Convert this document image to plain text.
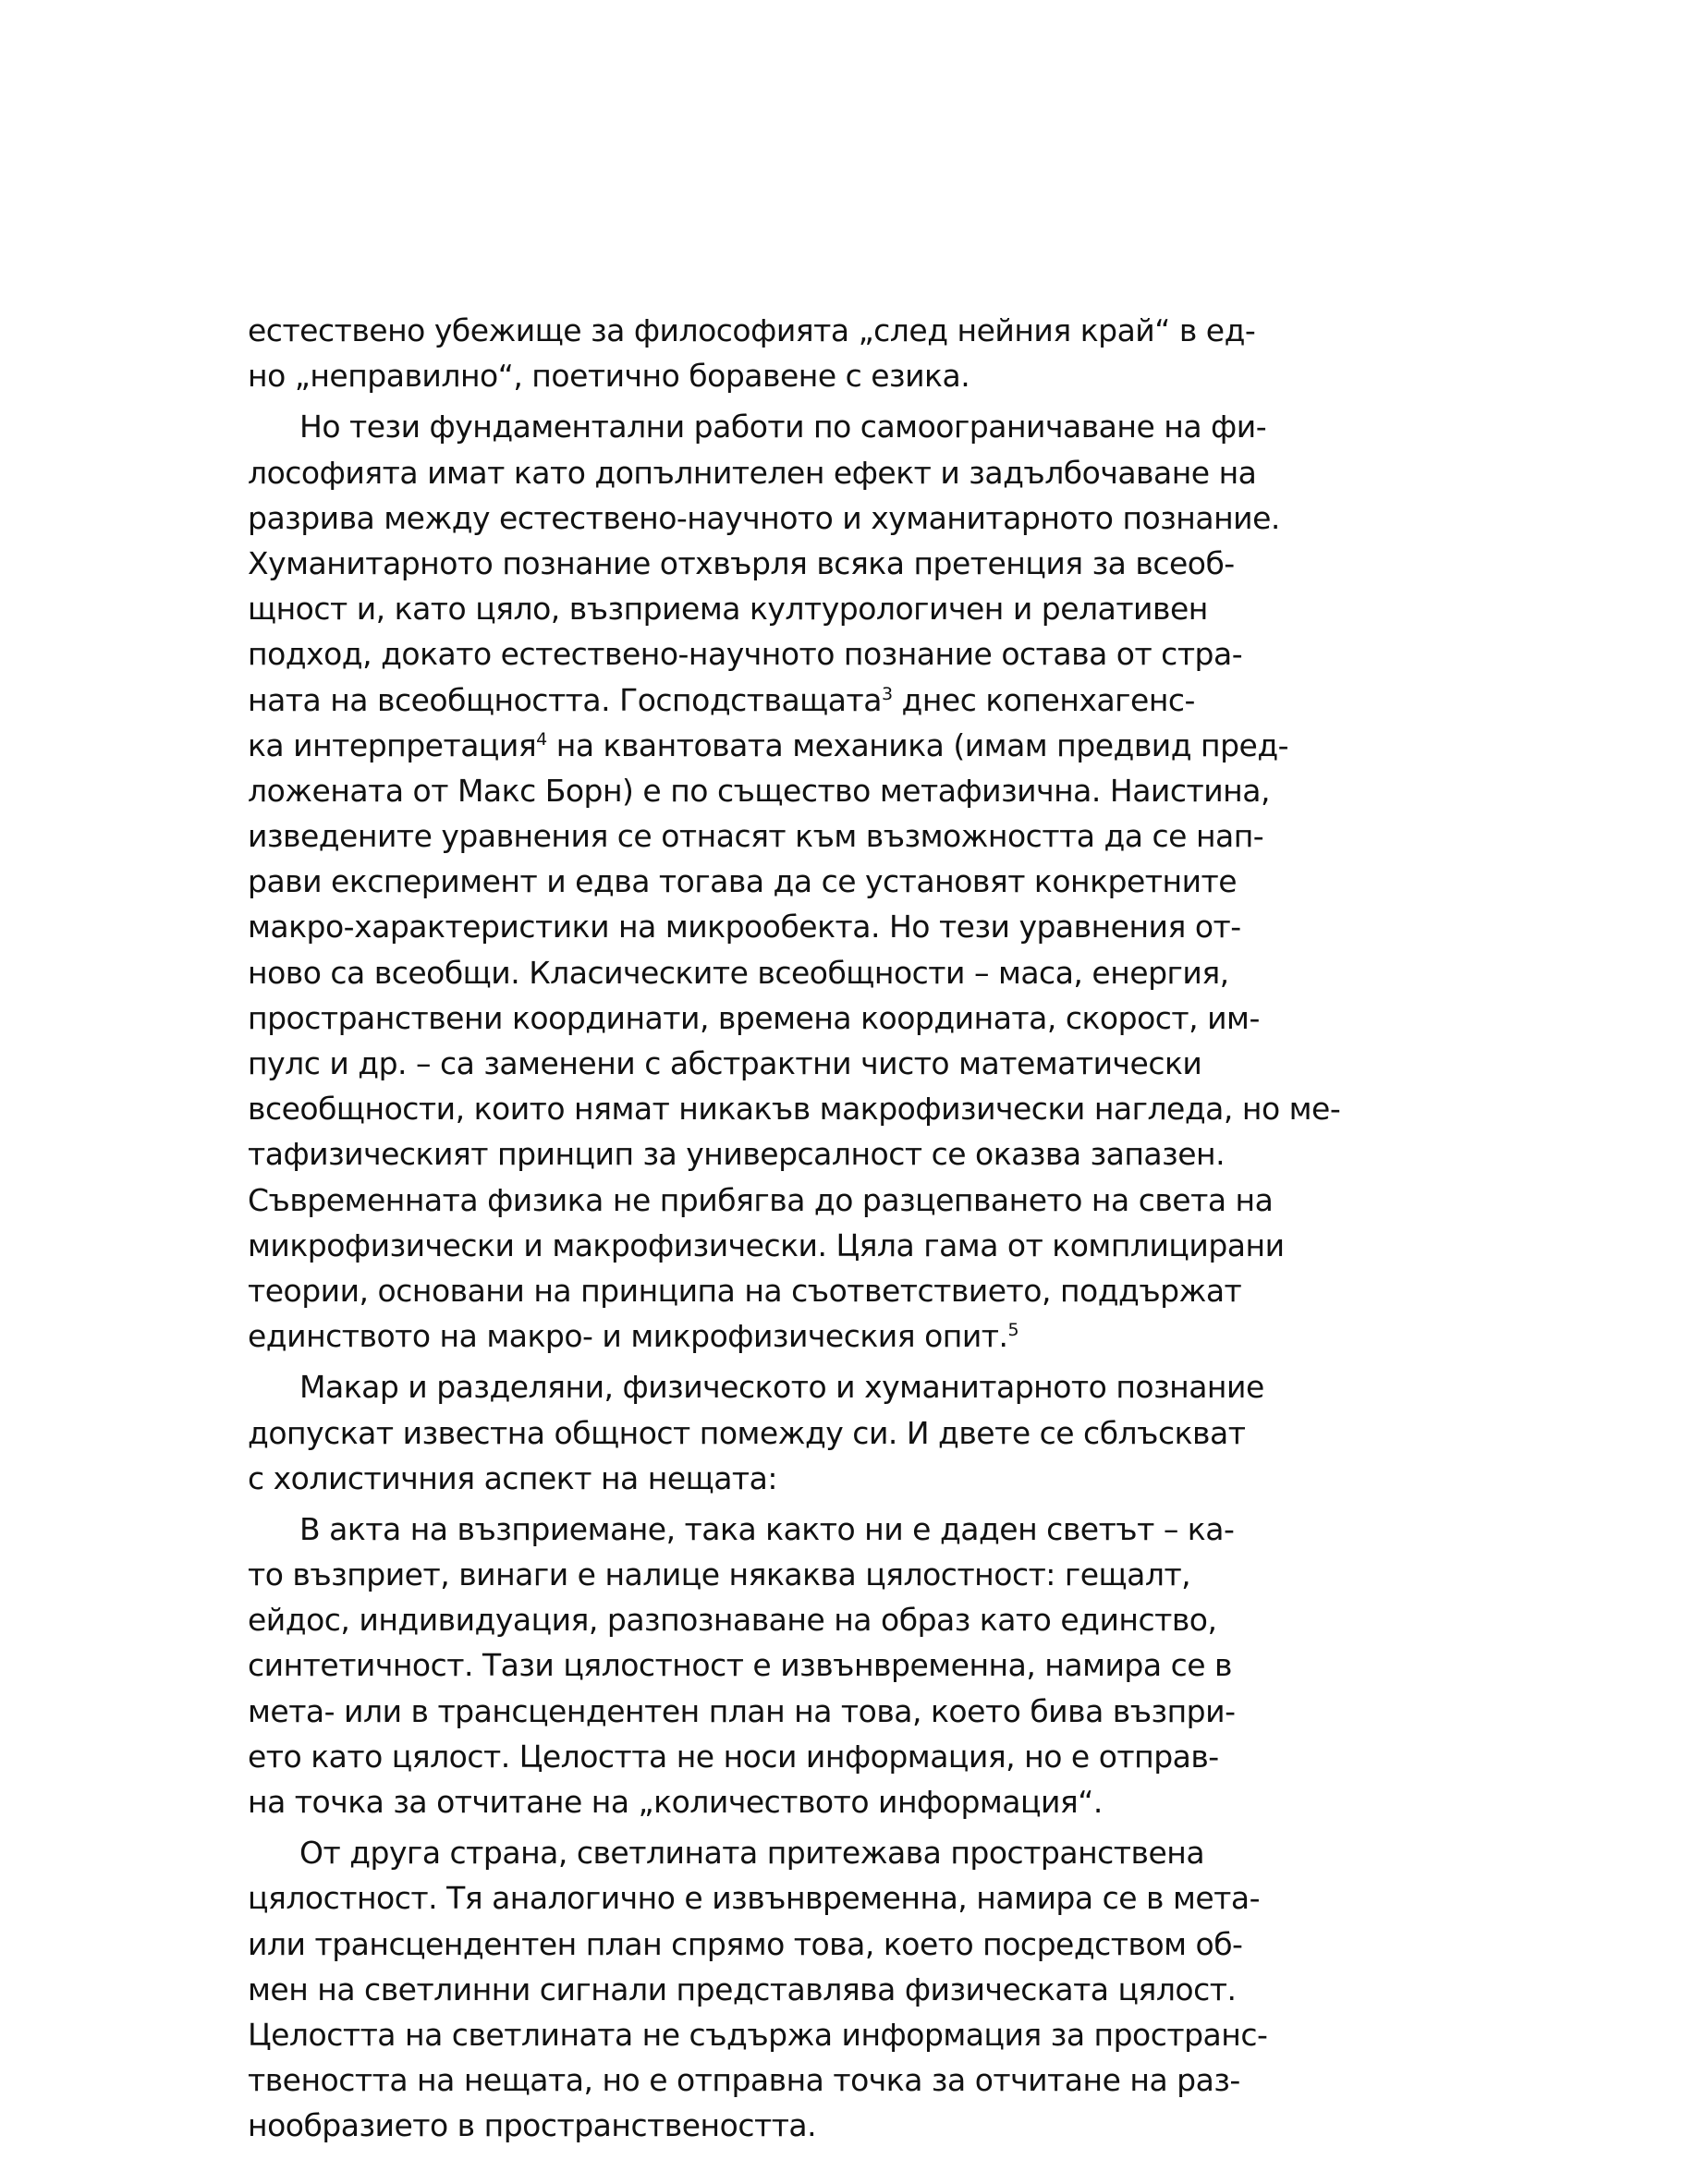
естествено убежище за философията „след нейния край“ в ед-
но „неправилно“, поетично боравене с езика.
Но тези фундаментални работи по самоограничаване на фи-
лософията имат като допълнителен ефект и задълбочаване на
разрива между естествено-научното и хуманитарното познание.
Хуманитарното познание отхвърля всяка претенция за всеоб-
щност и, като цяло, възприема културологичен и релативен
подход, докато естествено-научното познание остава от стра-
ната на всеобщността. Господстващата$^3$ днес копенхагенс-
ка интерпретация$^4$ на квантовата механика (имам предвид пред-
ложената от Макс Борн) е по същество метафизична. Наистина,
изведените уравнения се отнасят към възможността да се нап-
рави експеримент и едва тогава да се установят конкретните
макро-характеристики на микрообекта. Но тези уравнения от-
ново са всеобщи. Класическите всеобщности – маса, енергия,
пространствени координати, времена координата, скорост, им-
пулс и др. – са заменени с абстрактни чисто математически
всеобщности, които нямат никакъв макрофизически нагледа, но ме-
тафизическият принцип за универсалност се оказва запазен.
Съвременната физика не прибягва до разцепването на света на
микрофизически и макрофизически. Цяла гама от комплицирани
теории, основани на принципа на съответствието, поддържат
единството на макро- и микрофизическия опит.$^5$
Макар и разделяни, физическото и хуманитарното познание
допускат известна общност помежду си. И двете се сблъскват
с холистичния аспект на нещата:
В акта на възприемане, така както ни е даден светът – ка-
то възприет, винаги е налице някаква цялостност: гещалт,
ейдос, индивидуация, разпознаване на образ като единство,
синтетичност. Тази цялостност е извънвременна, намира се в
мета- или в трансцендентен план на това, което бива възпри-
ето като цялост. Целостта не носи информация, но е отправ-
на точка за отчитане на „количеството информация“.
От друга страна, светлината притежава пространствена
цялостност. Тя аналогично е извънвременна, намира се в мета-
или трансцендентен план спрямо това, което посредством об-
мен на светлинни сигнали представлява физическата цялост.
Целостта на светлината не съдържа информация за пространс-
твеността на нещата, но е отправна точка за отчитане на раз-
нообразието в пространствеността.
